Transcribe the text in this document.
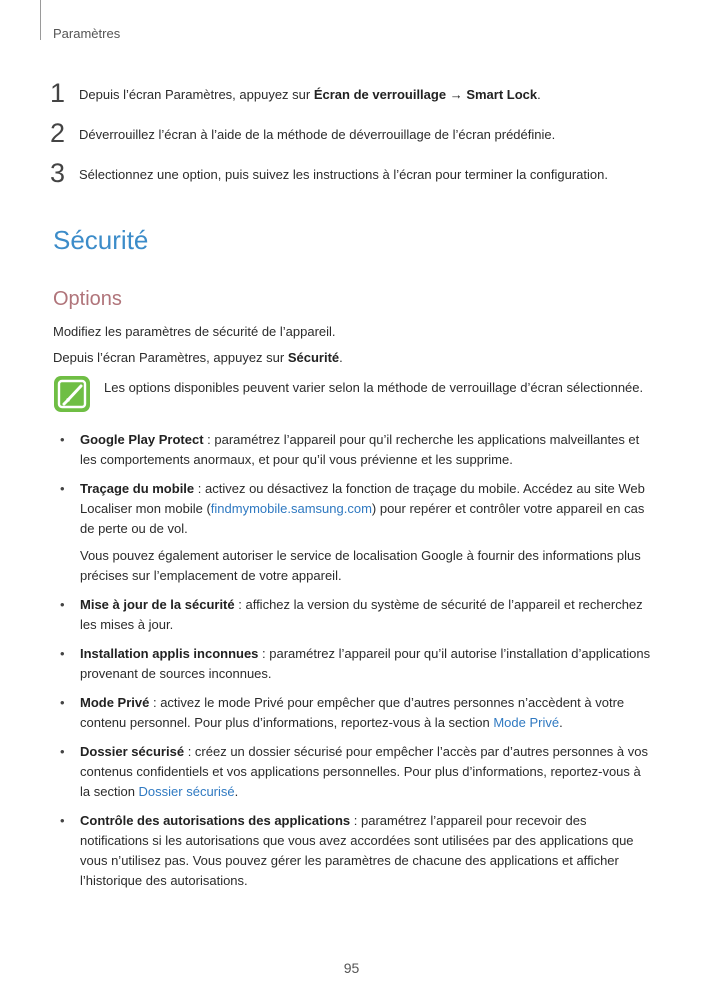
Paramètres
1 Depuis l’écran Paramètres, appuyez sur Écran de verrouillage → Smart Lock.
2 Déverrouillez l’écran à l’aide de la méthode de déverrouillage de l’écran prédéfinie.
3 Sélectionnez une option, puis suivez les instructions à l’écran pour terminer la configuration.
Sécurité
Options
Modifiez les paramètres de sécurité de l’appareil.
Depuis l’écran Paramètres, appuyez sur Sécurité.
Les options disponibles peuvent varier selon la méthode de verrouillage d’écran sélectionnée.
• Google Play Protect : paramétrez l’appareil pour qu’il recherche les applications malveillantes et les comportements anormaux, et pour qu’il vous prévienne et les supprime.
• Traçage du mobile : activez ou désactivez la fonction de traçage du mobile. Accédez au site Web Localiser mon mobile (findmymobile.samsung.com) pour repérer et contrôler votre appareil en cas de perte ou de vol.
Vous pouvez également autoriser le service de localisation Google à fournir des informations plus précises sur l’emplacement de votre appareil.
• Mise à jour de la sécurité : affichez la version du système de sécurité de l’appareil et recherchez les mises à jour.
• Installation applis inconnues : paramétrez l’appareil pour qu’il autorise l’installation d’applications provenant de sources inconnues.
• Mode Privé : activez le mode Privé pour empêcher que d’autres personnes n’accèdent à votre contenu personnel. Pour plus d’informations, reportez-vous à la section Mode Privé.
• Dossier sécurisé : créez un dossier sécurisé pour empêcher l’accès par d’autres personnes à vos contenus confidentiels et vos applications personnelles. Pour plus d’informations, reportez-vous à la section Dossier sécurisé.
• Contrôle des autorisations des applications : paramétrez l’appareil pour recevoir des notifications si les autorisations que vous avez accordées sont utilisées par des applications que vous n’utilisez pas. Vous pouvez gérer les paramètres de chacune des applications et afficher l’historique des autorisations.
95
